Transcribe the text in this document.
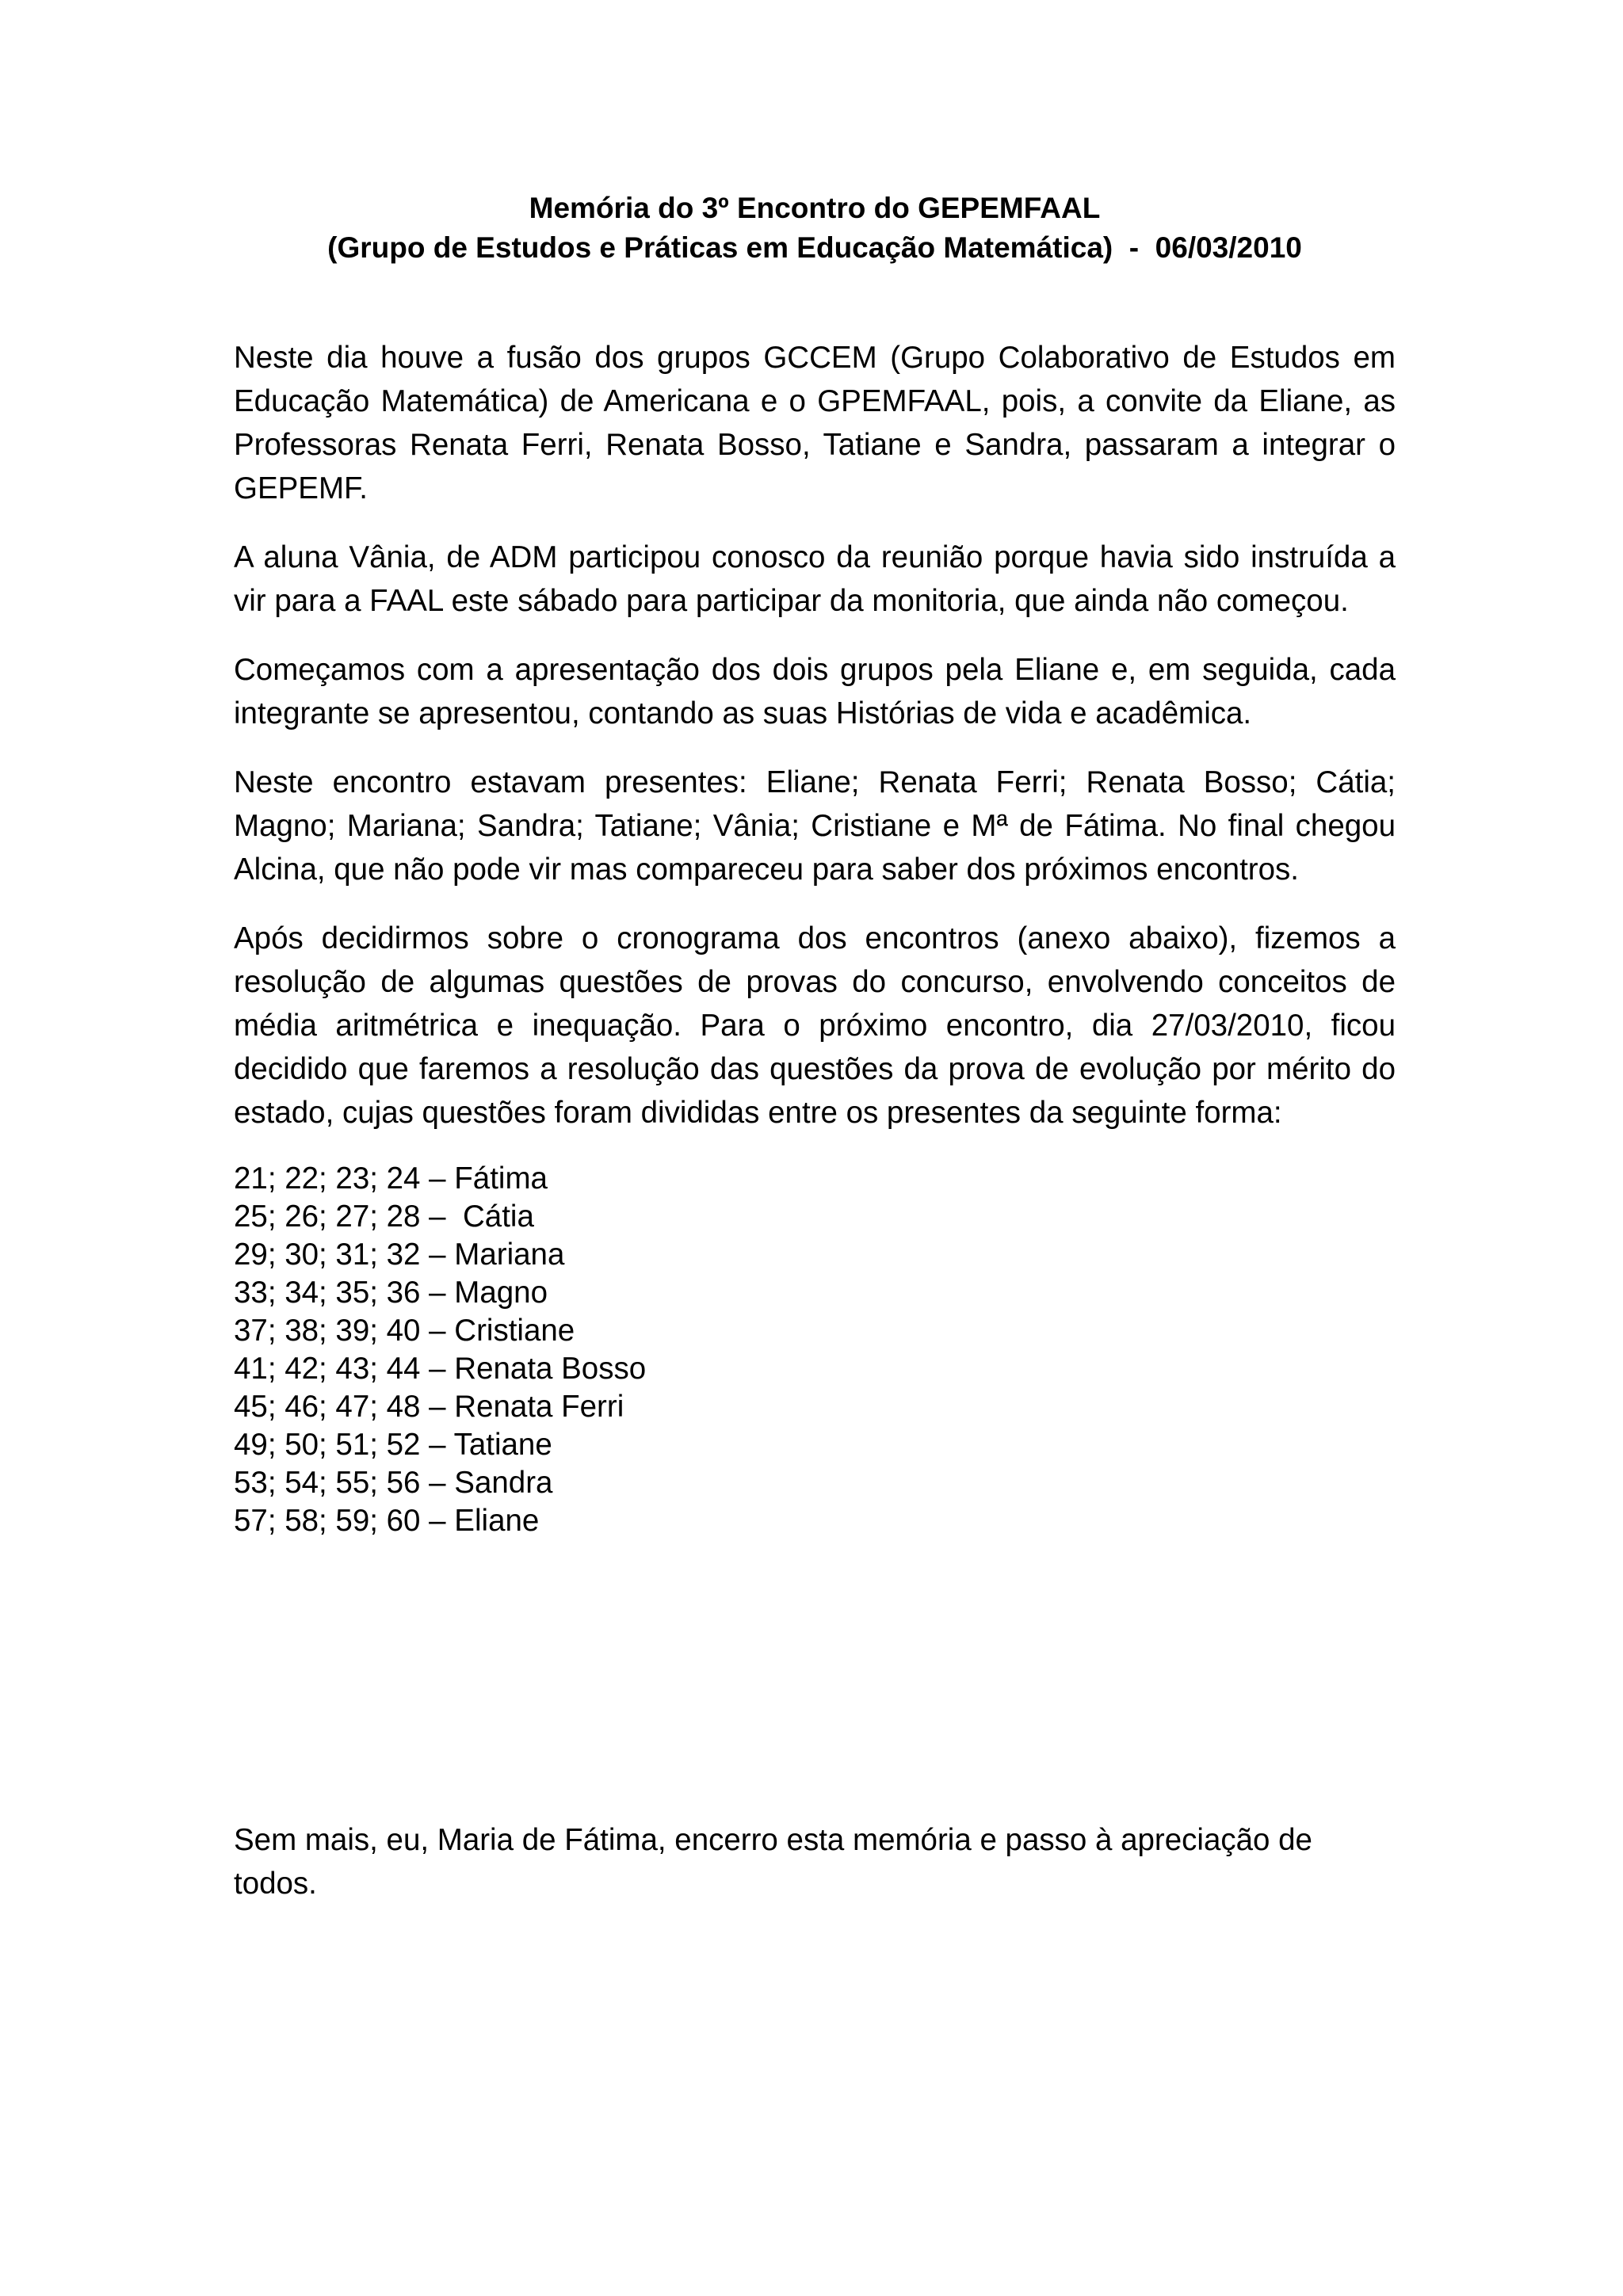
Memória do 3º Encontro do GEPEMFAAL
(Grupo de Estudos e Práticas em Educação Matemática)  -  06/03/2010

Neste dia houve a fusão dos grupos GCCEM (Grupo Colaborativo de Estudos em Educação Matemática) de Americana e o GPEMFAAL, pois, a convite da Eliane, as Professoras Renata Ferri, Renata Bosso, Tatiane e Sandra, passaram a integrar o GEPEMF.

A aluna Vânia, de ADM participou conosco da reunião porque havia sido instruída a vir para a FAAL este sábado para participar da monitoria, que ainda não começou.

Começamos com a apresentação dos dois grupos pela Eliane e, em seguida, cada integrante se apresentou, contando as suas Histórias de vida e acadêmica.

Neste encontro estavam presentes: Eliane; Renata Ferri; Renata Bosso; Cátia; Magno; Mariana; Sandra; Tatiane; Vânia; Cristiane e Mª de Fátima. No final chegou Alcina, que não pode vir mas compareceu para saber dos próximos encontros.

Após decidirmos sobre o cronograma dos encontros (anexo abaixo), fizemos a resolução de algumas questões de provas do concurso, envolvendo conceitos de média aritmétrica e inequação. Para o próximo encontro, dia 27/03/2010, ficou decidido que faremos a resolução das questões da prova de evolução por mérito do estado, cujas questões foram divididas entre os presentes da seguinte forma:

21; 22; 23; 24 – Fátima
25; 26; 27; 28 –  Cátia
29; 30; 31; 32 – Mariana
33; 34; 35; 36 – Magno
37; 38; 39; 40 – Cristiane
41; 42; 43; 44 – Renata Bosso
45; 46; 47; 48 – Renata Ferri
49; 50; 51; 52 – Tatiane
53; 54; 55; 56 – Sandra
57; 58; 59; 60 – Eliane

Sem mais, eu, Maria de Fátima, encerro esta memória e passo à apreciação de todos.
